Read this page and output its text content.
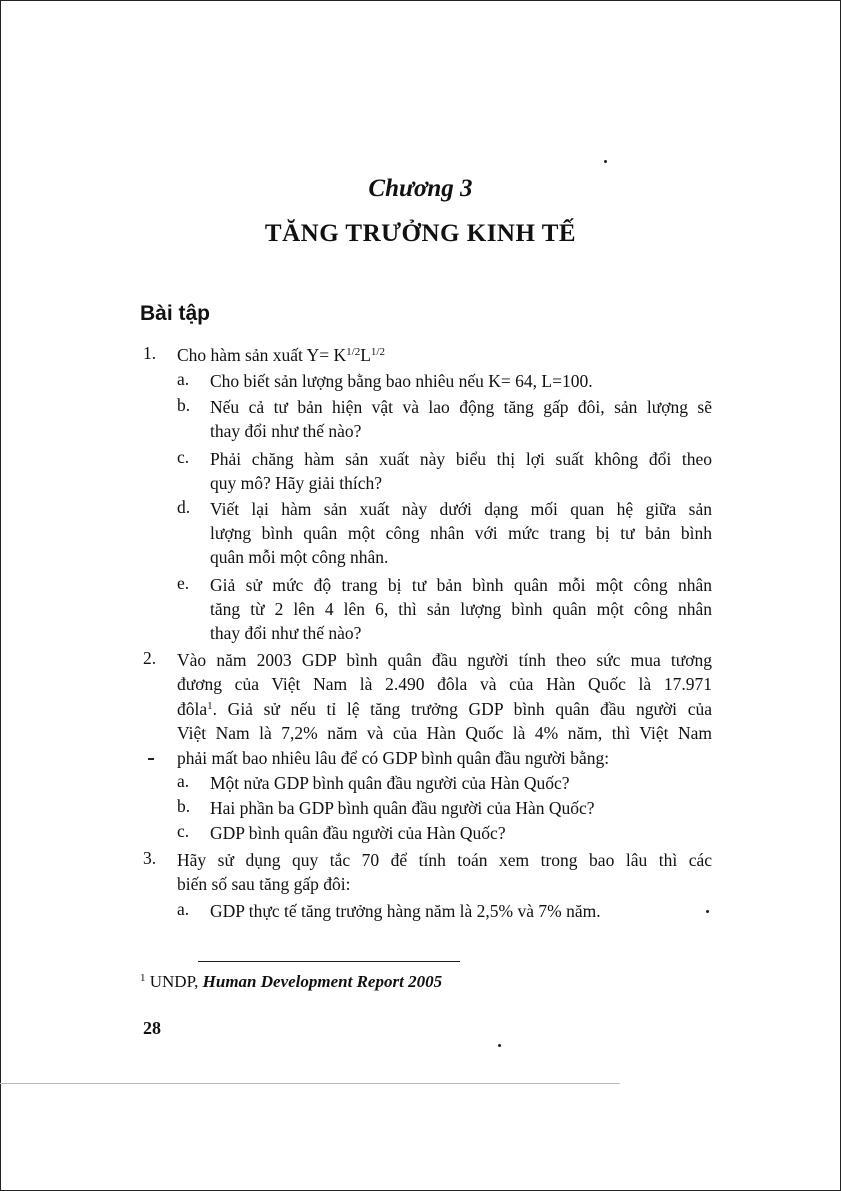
Chương 3
TĂNG TRƯỞNG KINH TẾ
Bài tập
1. Cho hàm sản xuất $Y= K^{1/2}L^{1/2}$
a. Cho biết sản lượng bằng bao nhiêu nếu K= 64, L=100.
b. Nếu cả tư bản hiện vật và lao động tăng gấp đôi, sản lượng sẽ
thay đổi như thế nào?
c. Phải chăng hàm sản xuất này biểu thị lợi suất không đổi theo
quy mô? Hãy giải thích?
d. Viết lại hàm sản xuất này dưới dạng mối quan hệ giữa sản
lượng bình quân một công nhân với mức trang bị tư bản bình
quân mỗi một công nhân.
e. Giả sử mức độ trang bị tư bản bình quân mỗi một công nhân
tăng từ 2 lên 4 lên 6, thì sản lượng bình quân một công nhân
thay đổi như thế nào?
2. Vào năm 2003 GDP bình quân đầu người tính theo sức mua tương
đương của Việt Nam là 2.490 đôla và của Hàn Quốc là 17.971
đôla$^1$. Giả sử nếu tỉ lệ tăng trưởng GDP bình quân đầu người của
Việt Nam là 7,2% năm và của Hàn Quốc là 4% năm, thì Việt Nam
phải mất bao nhiêu lâu để có GDP bình quân đầu người bằng:
a. Một nửa GDP bình quân đầu người của Hàn Quốc?
b. Hai phần ba GDP bình quân đầu người của Hàn Quốc?
c. GDP bình quân đầu người của Hàn Quốc?
3. Hãy sử dụng quy tắc 70 để tính toán xem trong bao lâu thì các
biến số sau tăng gấp đôi:
a. GDP thực tế tăng trưởng hàng năm là 2,5% và 7% năm.
$^1$ UNDP, Human Development Report 2005
28
